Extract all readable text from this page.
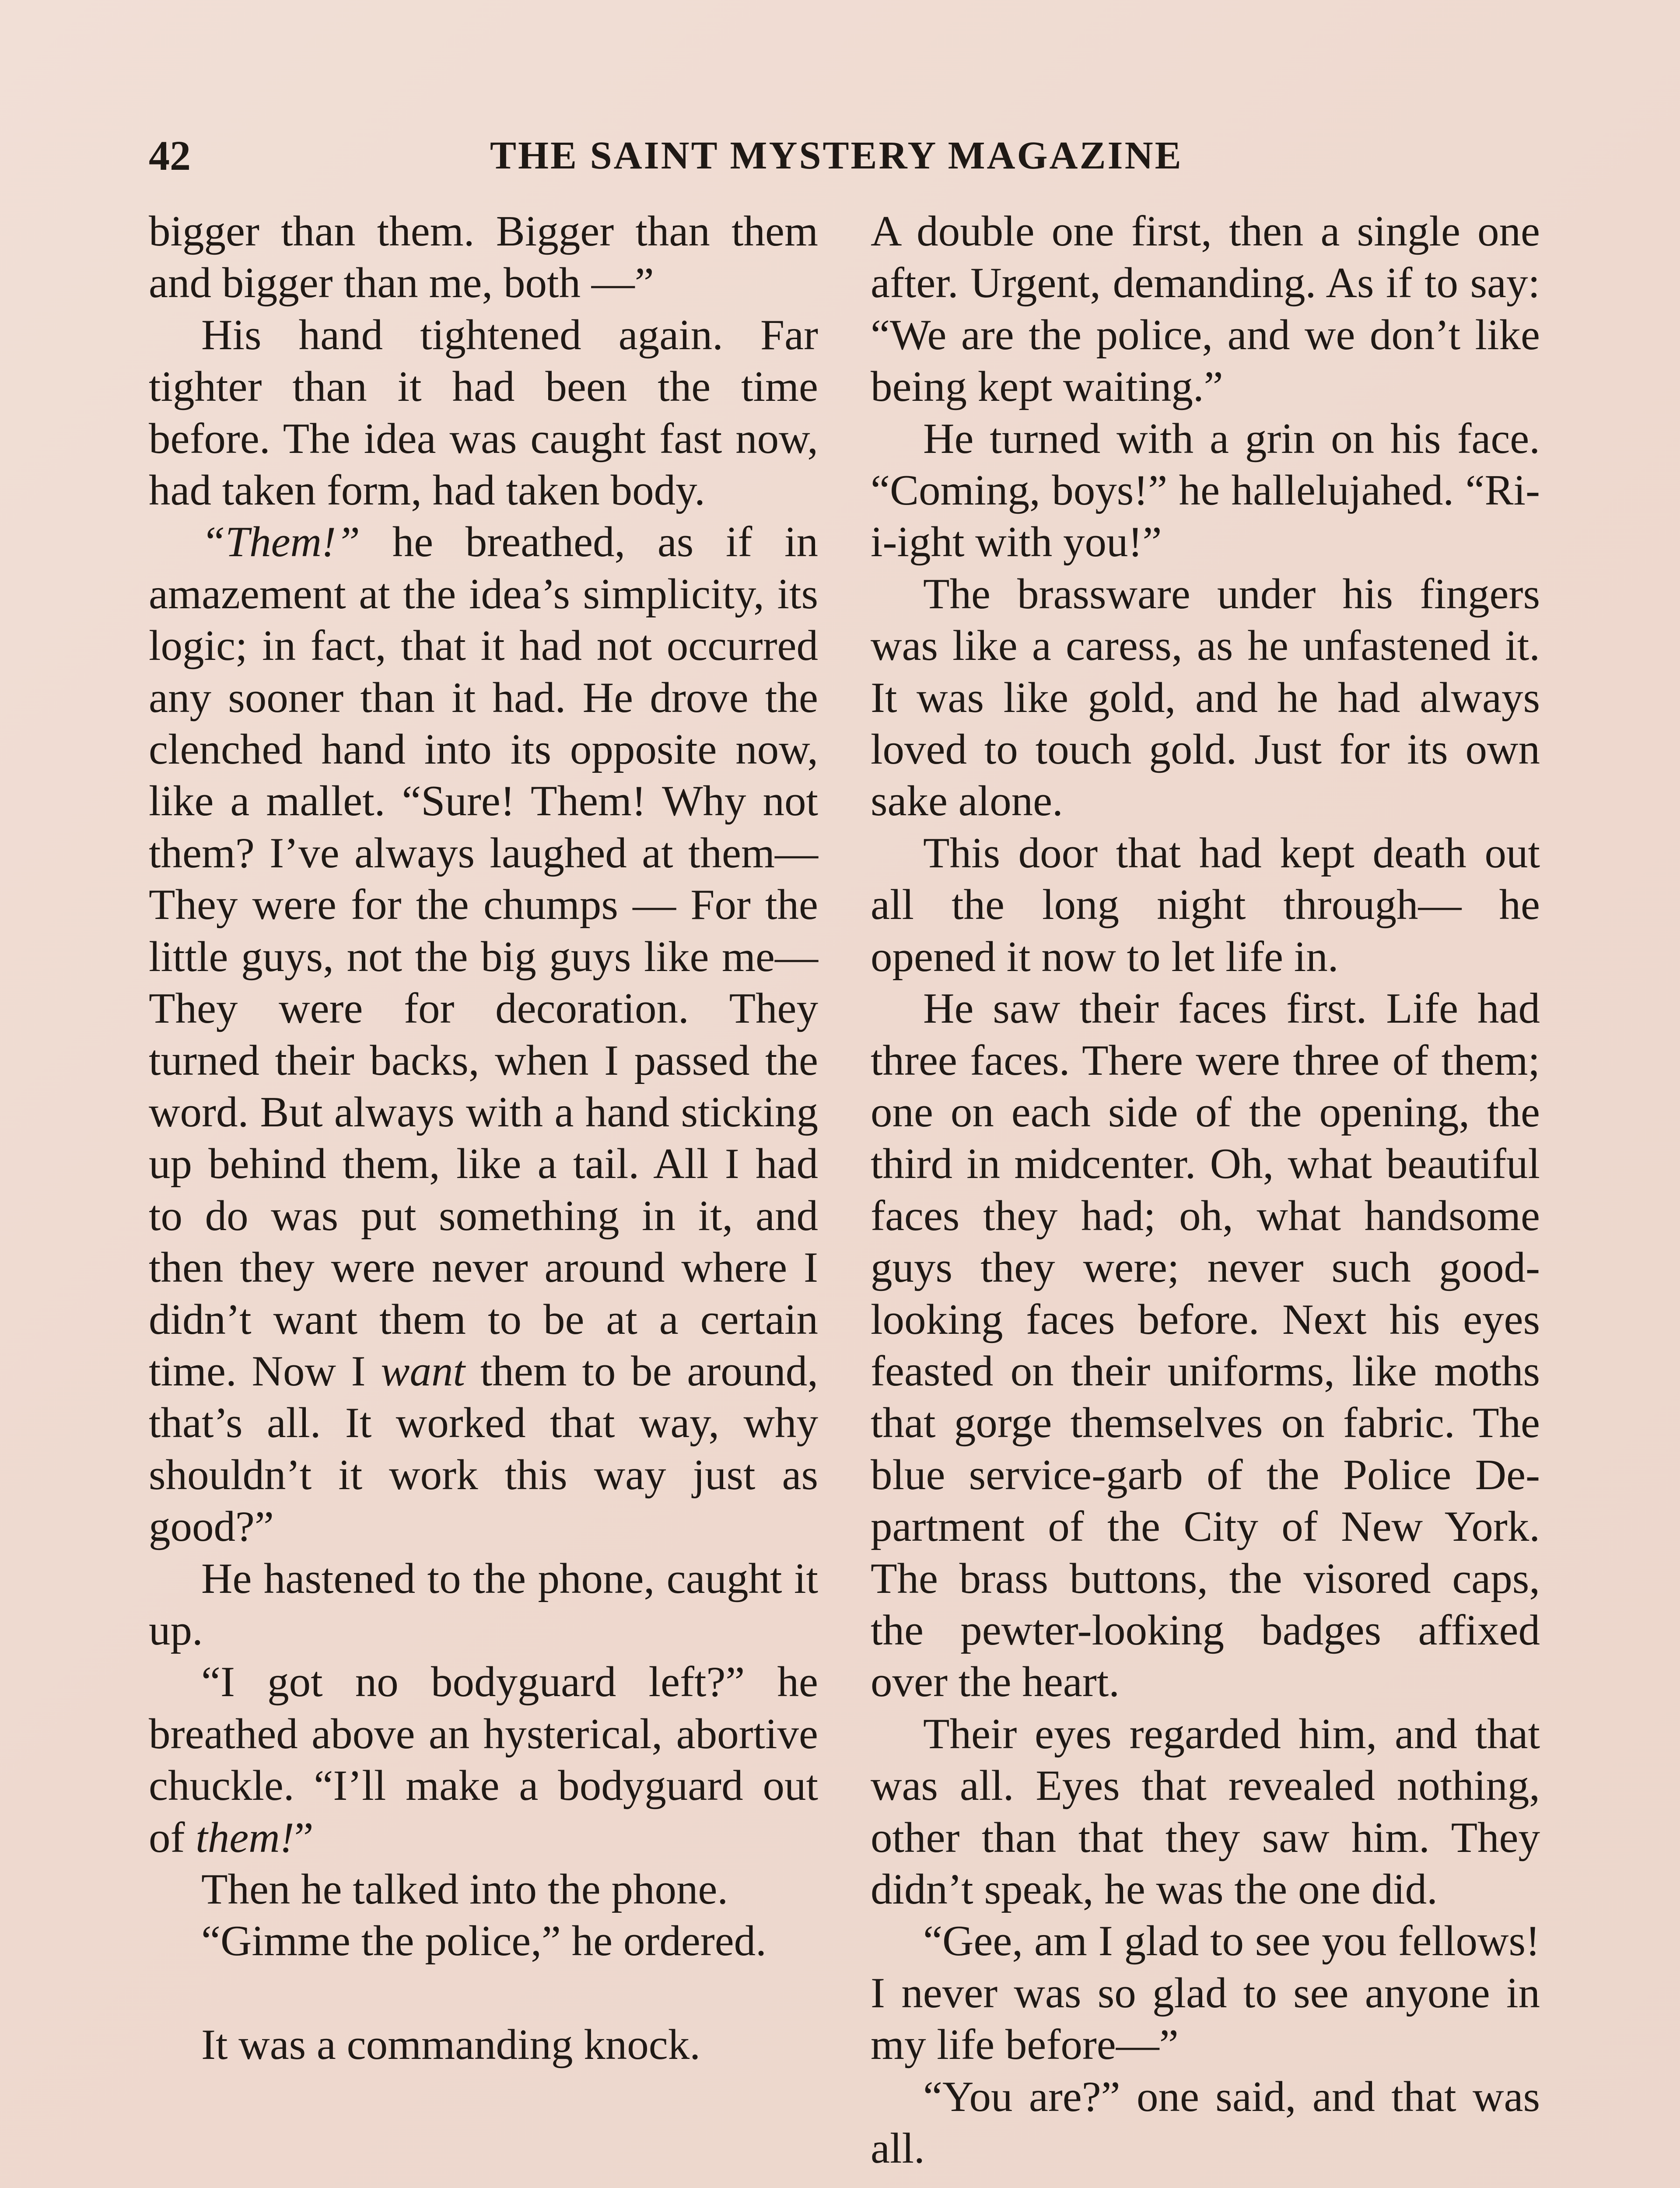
42	THE SAINT MYSTERY MAGAZINE

bigger than them. Bigger than them and bigger than me, both —”

His hand tightened again. Far tighter than it had been the time before. The idea was caught fast now, had taken form, had taken body.

“Them!” he breathed, as if in amazement at the idea’s simplicity, its logic; in fact, that it had not occurred any sooner than it had. He drove the clenched hand into its opposite now, like a mallet. “Sure! Them! Why not them? I’ve always laughed at them—They were for the chumps — For the little guys, not the big guys like me—They were for decoration. They turned their backs, when I passed the word. But always with a hand sticking up behind them, like a tail. All I had to do was put something in it, and then they were never around where I didn’t want them to be at a certain time. Now I want them to be around, that’s all. It worked that way, why shouldn’t it work this way just as good?”

He hastened to the phone, caught it up.

“I got no bodyguard left?” he breathed above an hysterical, abortive chuckle. “I’ll make a bodyguard out of them!”

Then he talked into the phone.

“Gimme the police,” he ordered.

It was a commanding knock.

A double one first, then a single one after. Urgent, demanding. As if to say: “We are the police, and we don’t like being kept waiting.”

He turned with a grin on his face. “Coming, boys!” he hallelujahed. “Ri-i-ight with you!”

The brassware under his fingers was like a caress, as he unfastened it. It was like gold, and he had always loved to touch gold. Just for its own sake alone.

This door that had kept death out all the long night through— he opened it now to let life in.

He saw their faces first. Life had three faces. There were three of them; one on each side of the opening, the third in midcenter. Oh, what beautiful faces they had; oh, what handsome guys they were; never such good-looking faces before. Next his eyes feasted on their uniforms, like moths that gorge themselves on fabric. The blue service-garb of the Police Department of the City of New York. The brass buttons, the visored caps, the pewter-looking badges affixed over the heart.

Their eyes regarded him, and that was all. Eyes that revealed nothing, other than that they saw him. They didn’t speak, he was the one did.

“Gee, am I glad to see you fellows! I never was so glad to see anyone in my life before—”

“You are?” one said, and that was all.
